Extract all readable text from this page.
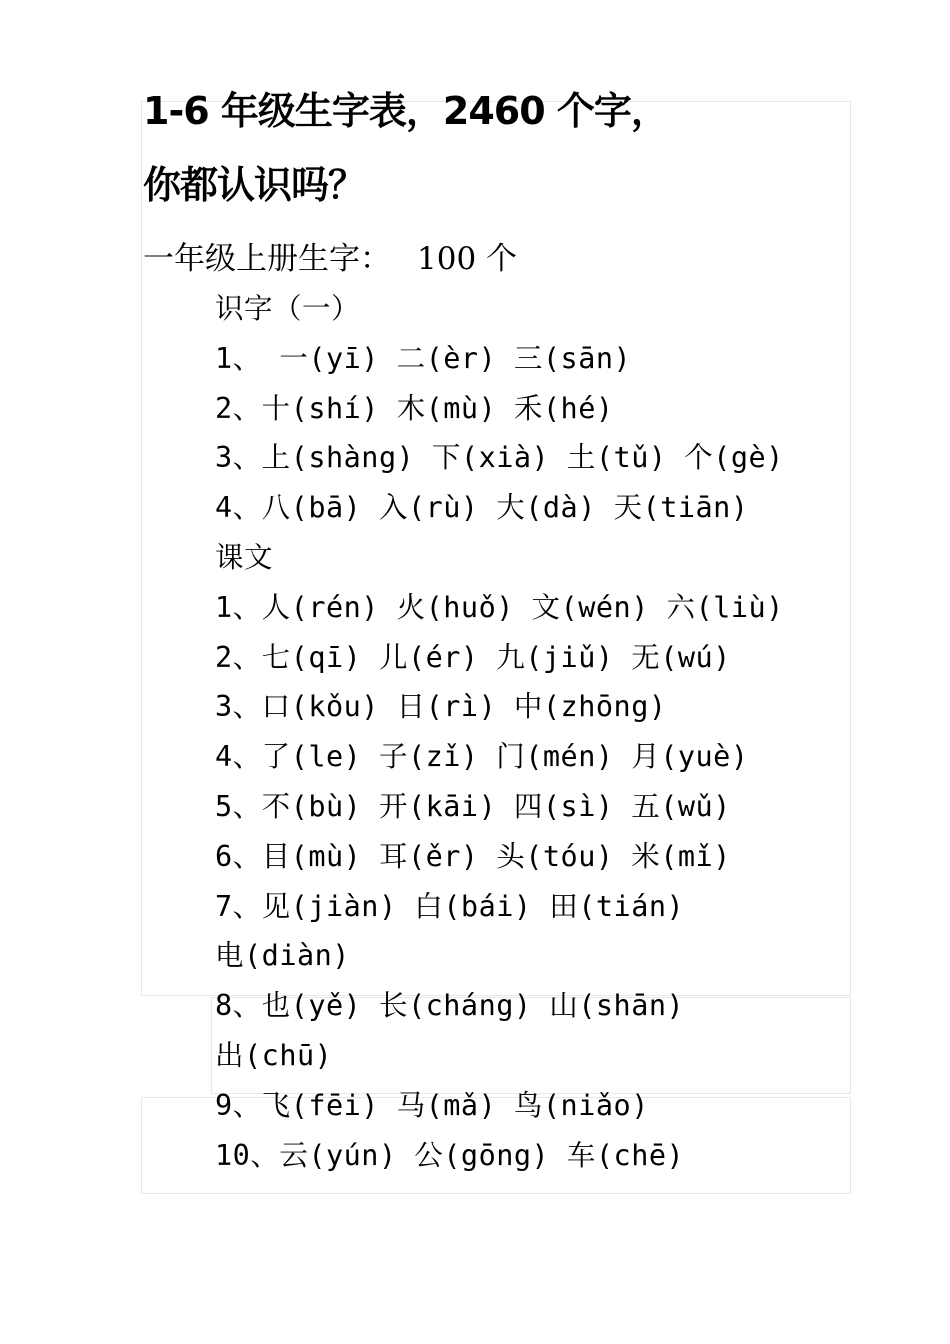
1-6 年级生字表，2460 个字，
你都认识吗？
一年级上册生字： 100 个
识字（一）
1、 一(yī) 二(èr) 三(sān)
2、十(shí) 木(mù) 禾(hé)
3、上(shàng) 下(xià) 土(tǔ) 个(gè)
4、八(bā) 入(rù) 大(dà) 天(tiān)
课文
1、人(rén) 火(huǒ) 文(wén) 六(liù)
2、七(qī) 儿(ér) 九(jiǔ) 无(wú)
3、口(kǒu) 日(rì) 中(zhōng)
4、了(le) 子(zǐ) 门(mén) 月(yuè)
5、不(bù) 开(kāi) 四(sì) 五(wǔ)
6、目(mù) 耳(ěr) 头(tóu) 米(mǐ)
7、见(jiàn) 白(bái) 田(tián)
电(diàn)
8、也(yě) 长(cháng) 山(shān)
出(chū)
9、飞(fēi) 马(mǎ) 鸟(niǎo)
10、云(yún) 公(gōng) 车(chē)
